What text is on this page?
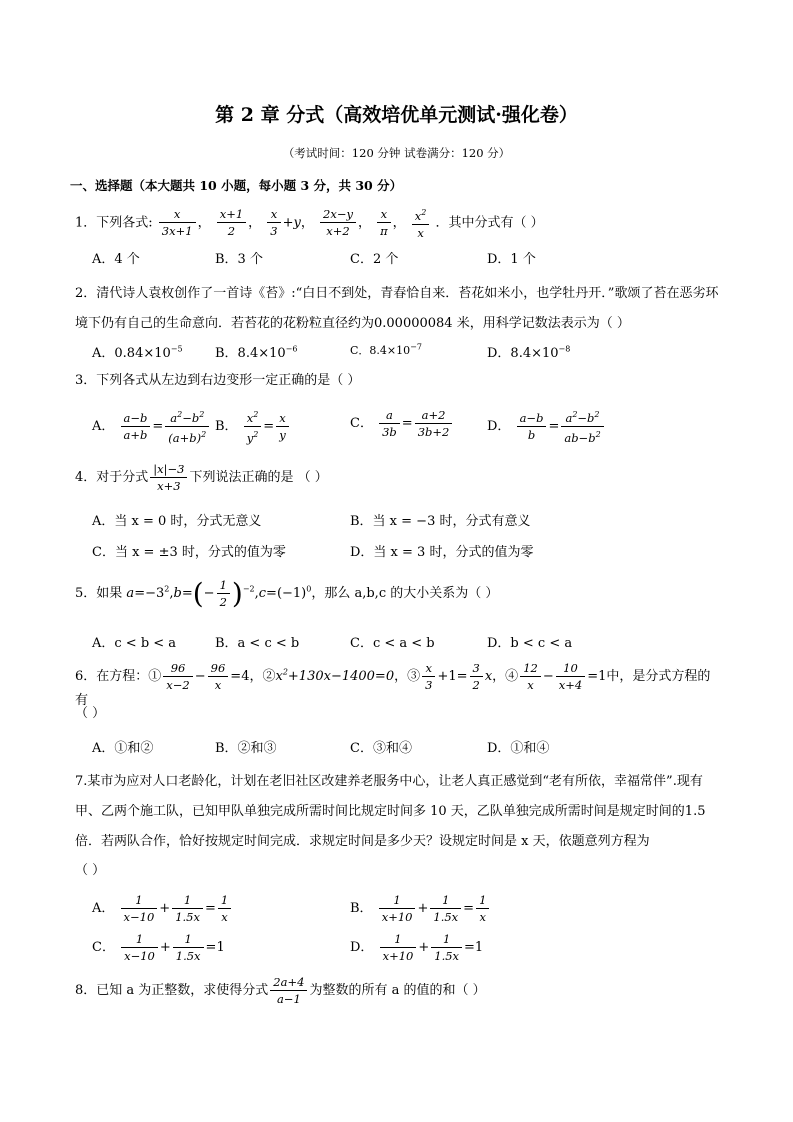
第 2 章 分式（高效培优单元测试·强化卷）
（考试时间：120 分钟 试卷满分：120 分）
一、选择题（本大题共 10 小题，每小题 3 分，共 30 分）
1．下列各式: $\frac{x}{3x+1}$ ， $\frac{x+1}{2}$ ， $\frac{x}{3} +y$， $\frac{2x-y}{x+2}$ ， $\frac{x}{\pi}$ ， $\frac{x^2}{x}$ ．其中分式有（ ）
A．4 个	B．3 个	C．2 个	D．1 个
2．清代诗人袁枚创作了一首诗《苔》:“白日不到处，青春恰自来．苔花如米小，也学牡丹开．”歌颂了苔在恶劣环境下仍有自己的生命意向．若苔花的花粉粒直径约为0.00000084 米，用科学记数法表示为（ ）
A．$0.84\times 10^{-5}$ B．$8.4\times 10^{-6}$	C．$8.4\times 10^{-7}$	D．$8.4\times 10^{-8}$
3．下列各式从左边到右边变形一定正确的是（ ）
A． $\frac{a-b}{a+b} = \frac{a^2-b^2}{(a+b)^2}$ B． $\frac{x^2}{y^2} = \frac{x}{y}$	C． $\frac{a}{3b} = \frac{a+2}{3b+2}$	D． $\frac{a-b}{b} = \frac{a^2-b^2}{ab-b^2}$
4．对于分式 $\frac{|x|-3}{x+3}$ 下列说法正确的是 （ ）
A．当 x = 0 时，分式无意义	B．当 x = −3 时，分式有意义
C．当 x = ±3 时，分式的值为零	D．当 x = 3 时，分式的值为零
5．如果 $a=-3^2,b=(- \frac{1}{2} )^{-2},c=(-1)^0$，那么 a,b,c 的大小关系为（ ）
A．c < b < a	B．a < c < b	C．c < a < b	D．b < c < a
6．在方程：① $\frac{96}{x-2} - \frac{96}{x} =4$，$②x^2+130x-1400=0$，③ $\frac{x}{3} +1= \frac{3}{2}$ x，④ $\frac{12}{x} - \frac{10}{x+4} =1$中，是分式方程的有
（ ）
A．①和②	B．②和③	C．③和④	D．①和④
7.某市为应对人口老龄化，计划在老旧社区改建养老服务中心，让老人真正感觉到“老有所依，幸福常伴”.现有甲、乙两个施工队，已知甲队单独完成所需时间比规定时间多 10 天，乙队单独完成所需时间是规定时间的1.5 倍．若两队合作，恰好按规定时间完成．求规定时间是多少天？设规定时间是 x 天，依题意列方程为
（ ）
A． $\frac{1}{x-10} + \frac{1}{1.5x} = \frac{1}{x}$	B． $\frac{1}{x+10} + \frac{1}{1.5x} = \frac{1}{x}$
C． $\frac{1}{x-10} + \frac{1}{1.5x} =1$	D． $\frac{1}{x+10} + \frac{1}{1.5x} =1$
8．已知 a 为正整数，求使得分式 $\frac{2a+4}{a-1}$ 为整数的所有 a 的值的和（ ）
